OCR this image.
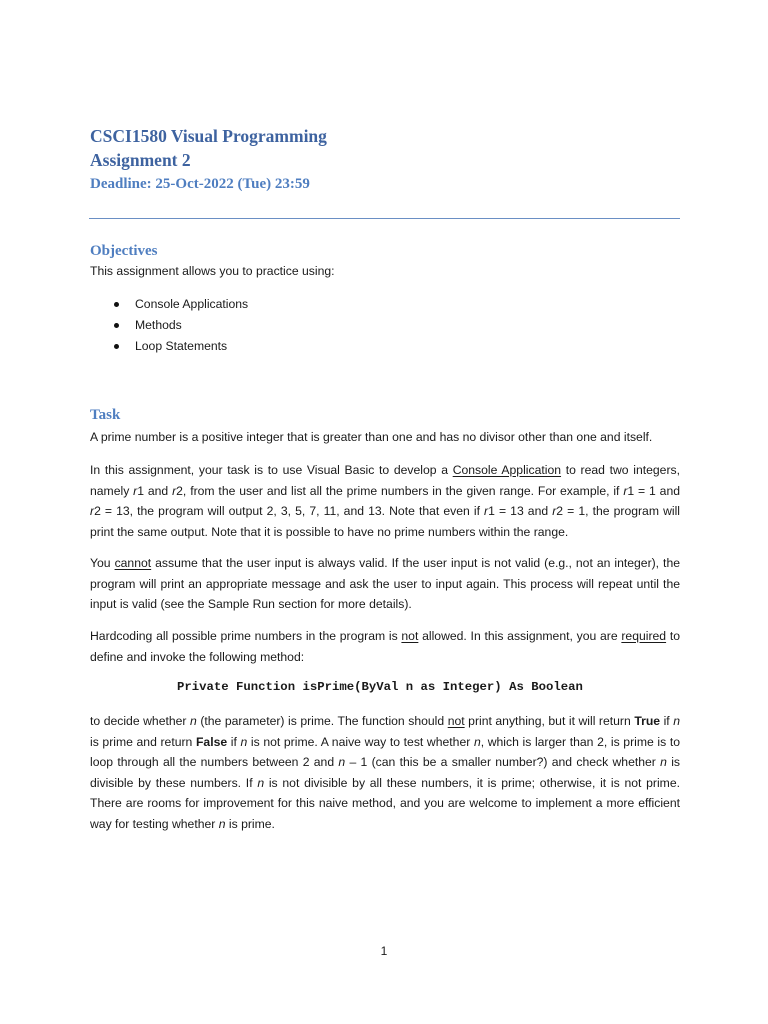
CSCI1580 Visual Programming
Assignment 2
Deadline: 25-Oct-2022 (Tue) 23:59
Objectives
This assignment allows you to practice using:
Console Applications
Methods
Loop Statements
Task

A prime number is a positive integer that is greater than one and has no divisor other than one and itself.

In this assignment, your task is to use Visual Basic to develop a Console Application to read two integers, namely r1 and r2, from the user and list all the prime numbers in the given range. For example, if r1 = 1 and r2 = 13, the program will output 2, 3, 5, 7, 11, and 13. Note that even if r1 = 13 and r2 = 1, the program will print the same output. Note that it is possible to have no prime numbers within the range.

You cannot assume that the user input is always valid. If the user input is not valid (e.g., not an integer), the program will print an appropriate message and ask the user to input again. This process will repeat until the input is valid (see the Sample Run section for more details).

Hardcoding all possible prime numbers in the program is not allowed. In this assignment, you are required to define and invoke the following method:

Private Function isPrime(ByVal n as Integer) As Boolean

to decide whether n (the parameter) is prime. The function should not print anything, but it will return True if n is prime and return False if n is not prime. A naive way to test whether n, which is larger than 2, is prime is to loop through all the numbers between 2 and n – 1 (can this be a smaller number?) and check whether n is divisible by these numbers. If n is not divisible by all these numbers, it is prime; otherwise, it is not prime. There are rooms for improvement for this naive method, and you are welcome to implement a more efficient way for testing whether n is prime.

1
